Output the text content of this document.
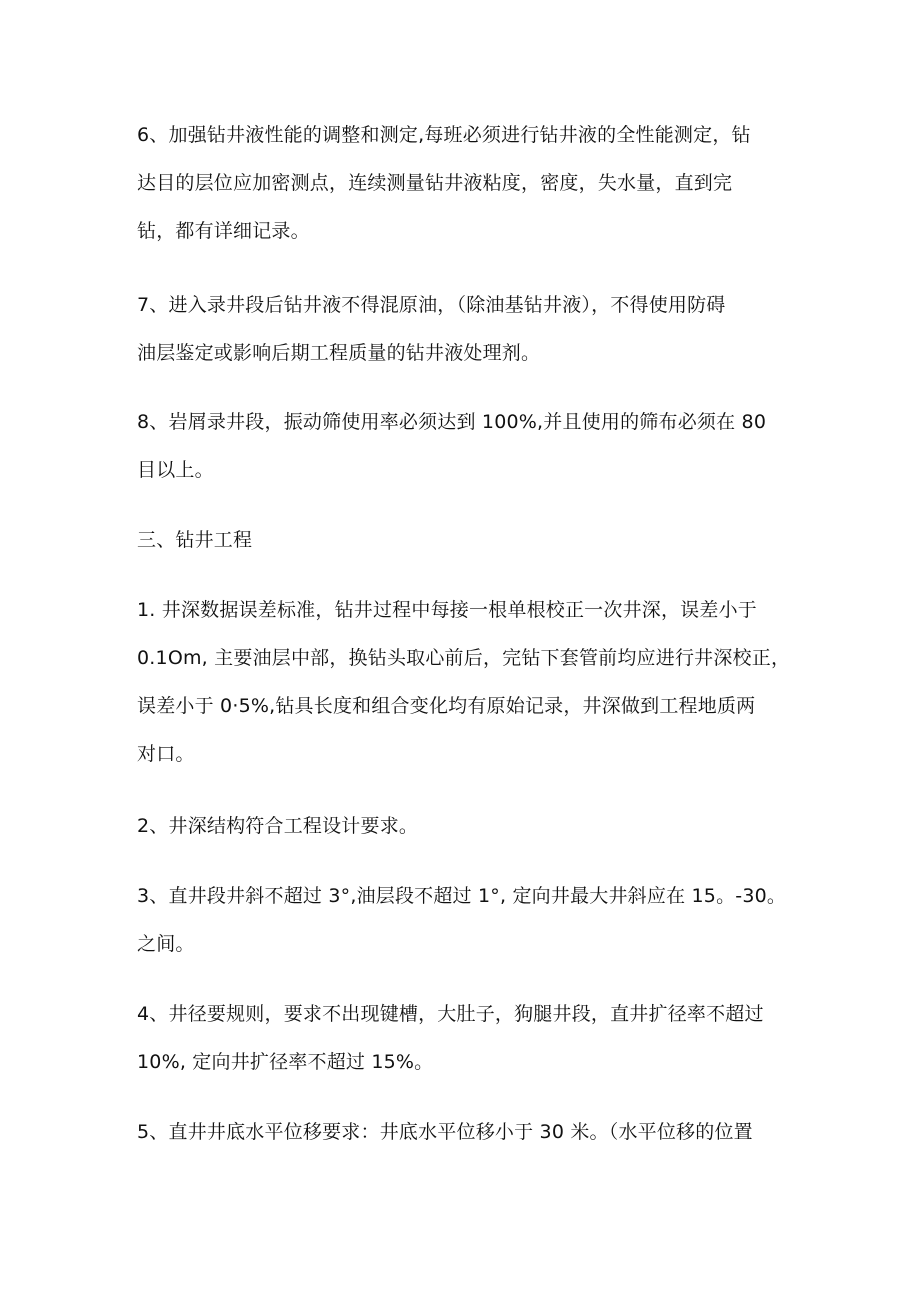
6、加强钻井液性能的调整和测定,每班必须进行钻井液的全性能测定，钻
达目的层位应加密测点，连续测量钻井液粘度，密度，失水量，直到完
钻，都有详细记录。
7、进入录井段后钻井液不得混原油，（除油基钻井液），不得使用防碍
油层鉴定或影响后期工程质量的钻井液处理剂。
8、岩屑录井段，振动筛使用率必须达到 100%,并且使用的筛布必须在 80
目以上。
三、钻井工程
1. 井深数据误差标准，钻井过程中每接一根单根校正一次井深，误差小于
0.1Om, 主要油层中部，换钻头取心前后，完钻下套管前均应进行井深校正，
误差小于 0·5%,钻具长度和组合变化均有原始记录，井深做到工程地质两
对口。
2、井深结构符合工程设计要求。
3、直井段井斜不超过 3°,油层段不超过 1°, 定向井最大井斜应在 15。-30。
之间。
4、井径要规则，要求不出现键槽，大肚子，狗腿井段，直井扩径率不超过
10%, 定向井扩径率不超过 15%。
5、直井井底水平位移要求：井底水平位移小于 30 米。（水平位移的位置
